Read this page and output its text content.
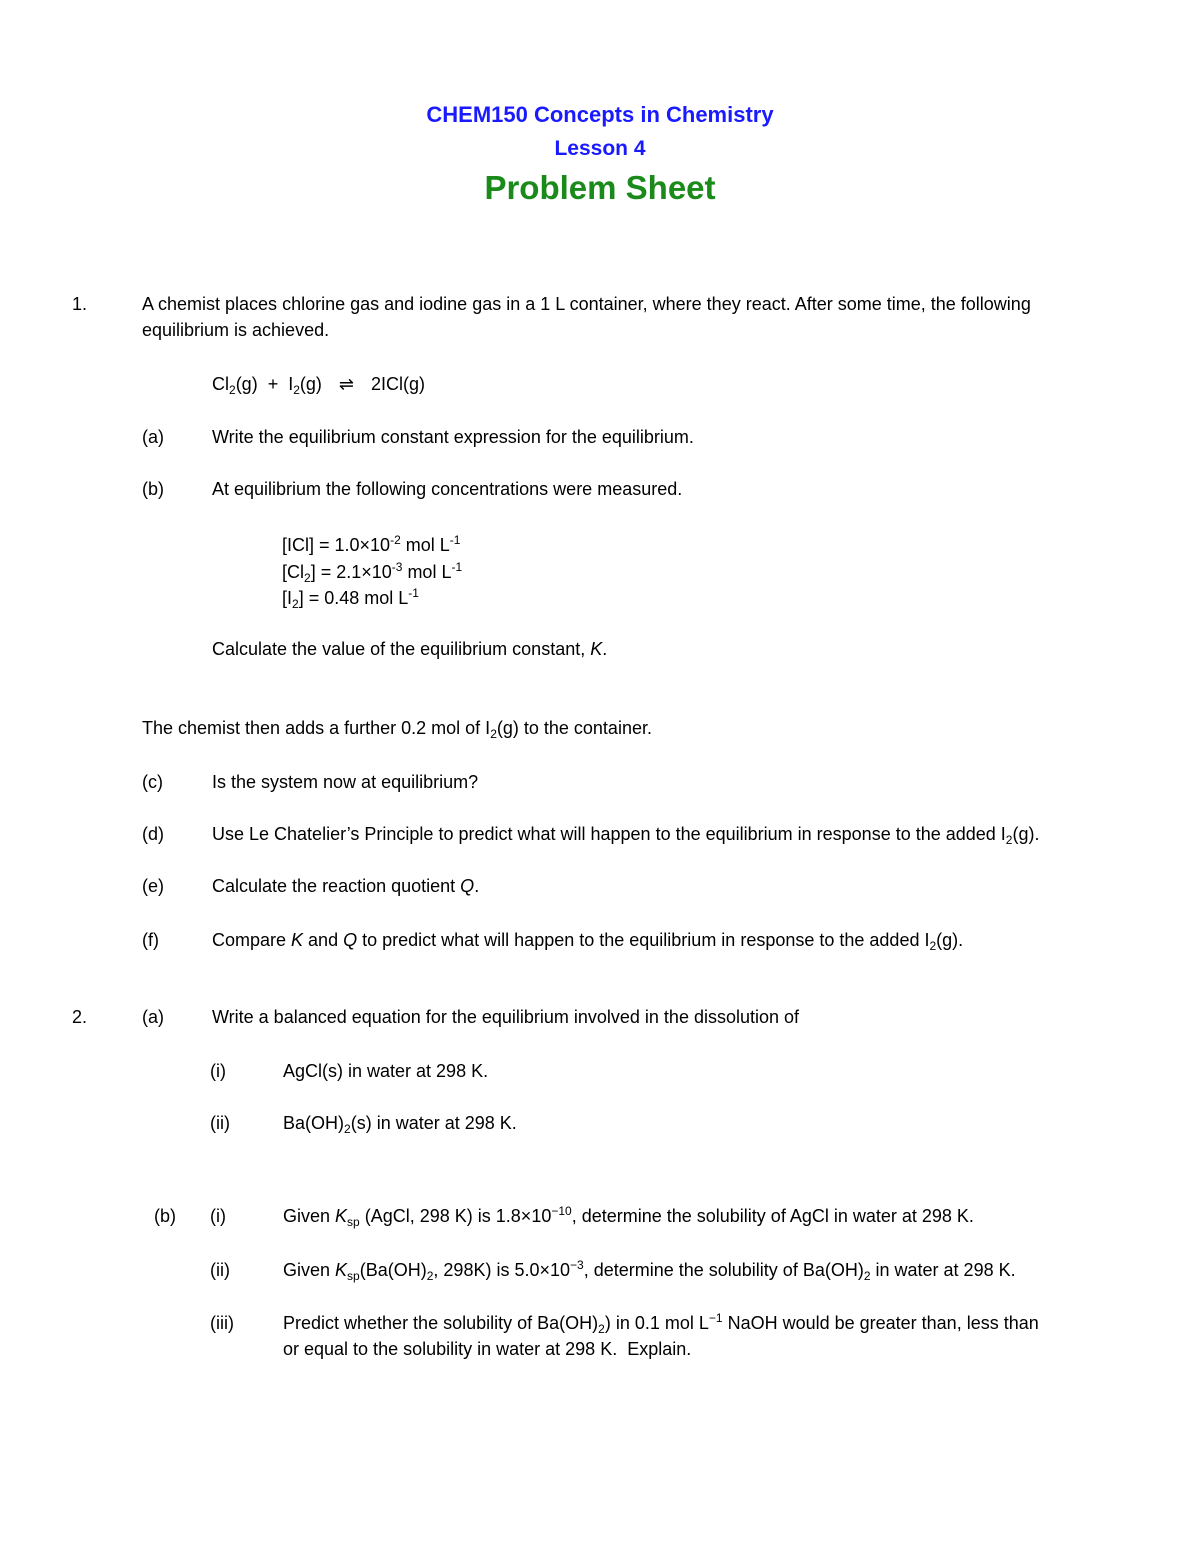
CHEM150 Concepts in Chemistry
Lesson 4
Problem Sheet
1.	A chemist places chlorine gas and iodine gas in a 1 L container, where they react. After some time, the following
equilibrium is achieved.
$Cl_2(g) + I_2(g)$ ⇌ 2ICl(g)
(a)	Write the equilibrium constant expression for the equilibrium.
(b)	At equilibrium the following concentrations were measured.
$[ICl] = 1.0\times 10^{-2}$ mol $L^{-1}$
$[Cl_2] = 2.1\times 10^{-3}$ mol $L^{-1}$
$[I_2] = 0.48$ mol $L^{-1}$
Calculate the value of the equilibrium constant, K.
The chemist then adds a further 0.2 mol of $I_2(g)$ to the container.
(c)	Is the system now at equilibrium?
(d)	Use Le Chatelier’s Principle to predict what will happen to the equilibrium in response to the added $I_2(g)$.
(e)	Calculate the reaction quotient Q.
(f)	Compare K and Q to predict what will happen to the equilibrium in response to the added $I_2(g)$.
2.	(a)	Write a balanced equation for the equilibrium involved in the dissolution of
(i)	AgCl(s) in water at 298 K.
(ii)	$Ba(OH)_2(s)$ in water at 298 K.
(b) (i)	Given $K_{sp}$ (AgCl, 298 K) is $1.8\times 10^{-10}$, determine the solubility of AgCl in water at 298 K.
(ii)	Given $K_{sp}(Ba(OH)_2$, 298K) is $5.0\times 10^{-3}$, determine the solubility of $Ba(OH)_2$ in water at 298 K.
(iii)	Predict whether the solubility of $Ba(OH)_2$) in 0.1 mol $L^{-1}$ NaOH would be greater than, less than
or equal to the solubility in water at 298 K.  Explain.
